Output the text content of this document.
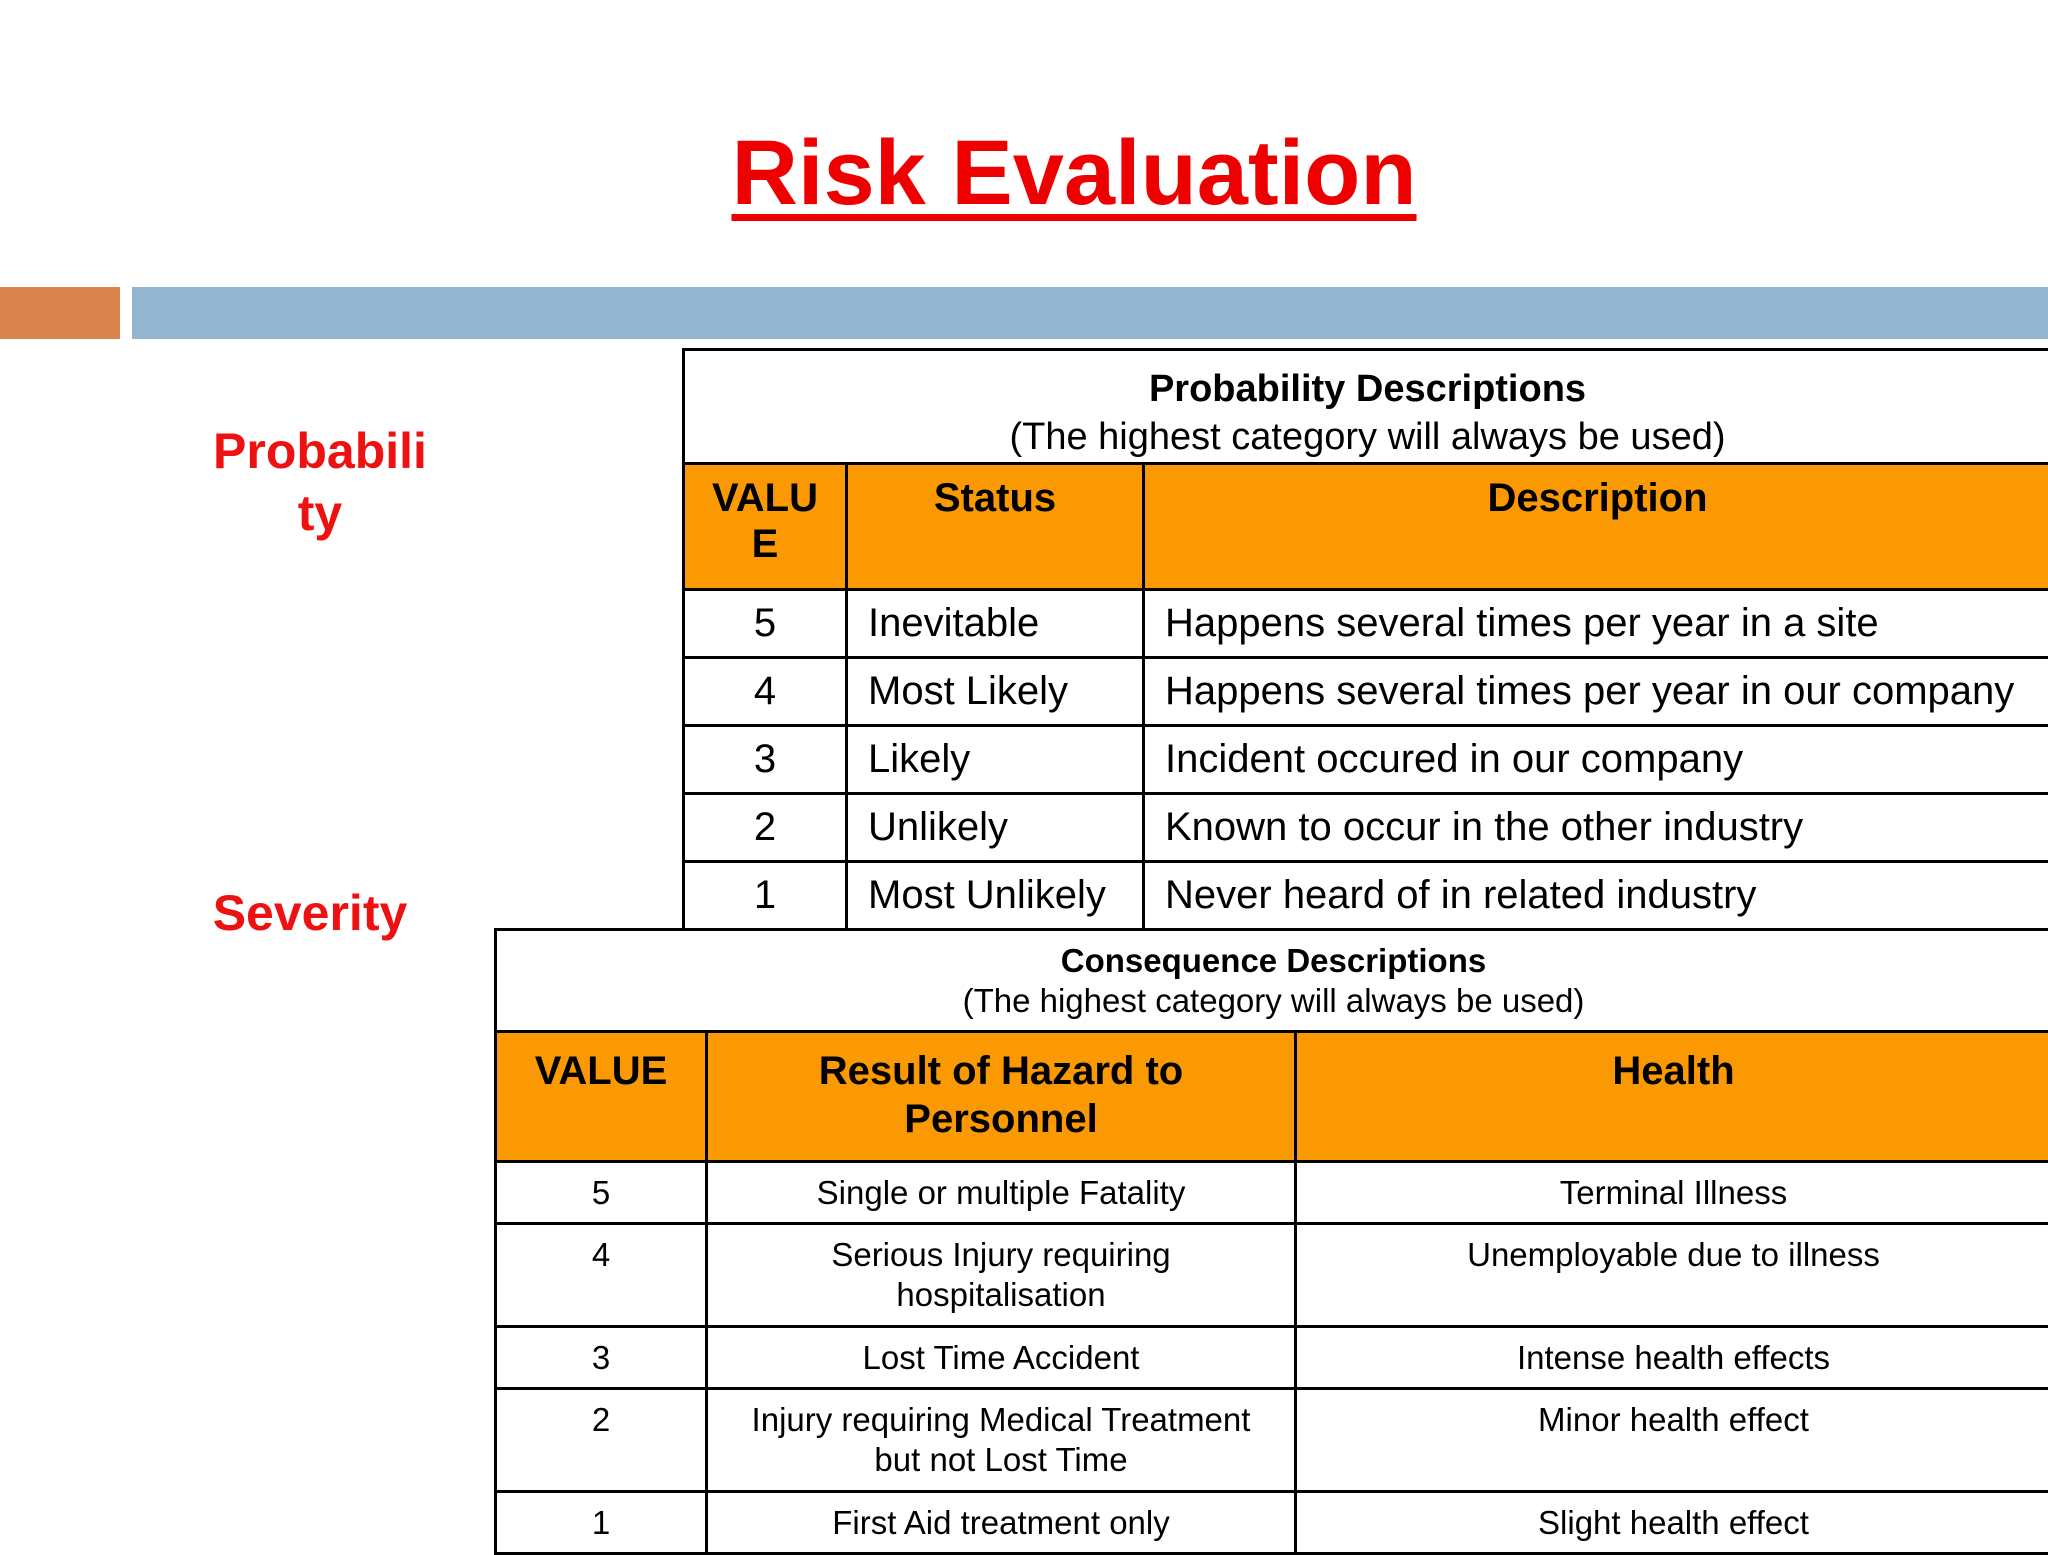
Risk Evaluation
Probabili ty
Severity
Probability Descriptions
(The highest category will always be used)		
VALU E	Status	Description
5	Inevitable	Happens several times per year in a site
4	Most Likely	Happens several times per year in our company
3	Likely	Incident occured in our company
2	Unlikely	Known to occur in the other industry
1	Most Unlikely	Never heard of in related industry
Consequence Descriptions
(The highest category will always be used)		
VALUE	Result of Hazard to Personnel	Health
5	Single or multiple Fatality	Terminal Illness
4	Serious Injury requiring hospitalisation	Unemployable due to illness
3	Lost Time Accident	Intense health effects
2	Injury requiring Medical Treatment but not Lost Time	Minor health effect
1	First Aid treatment only	Slight health effect
